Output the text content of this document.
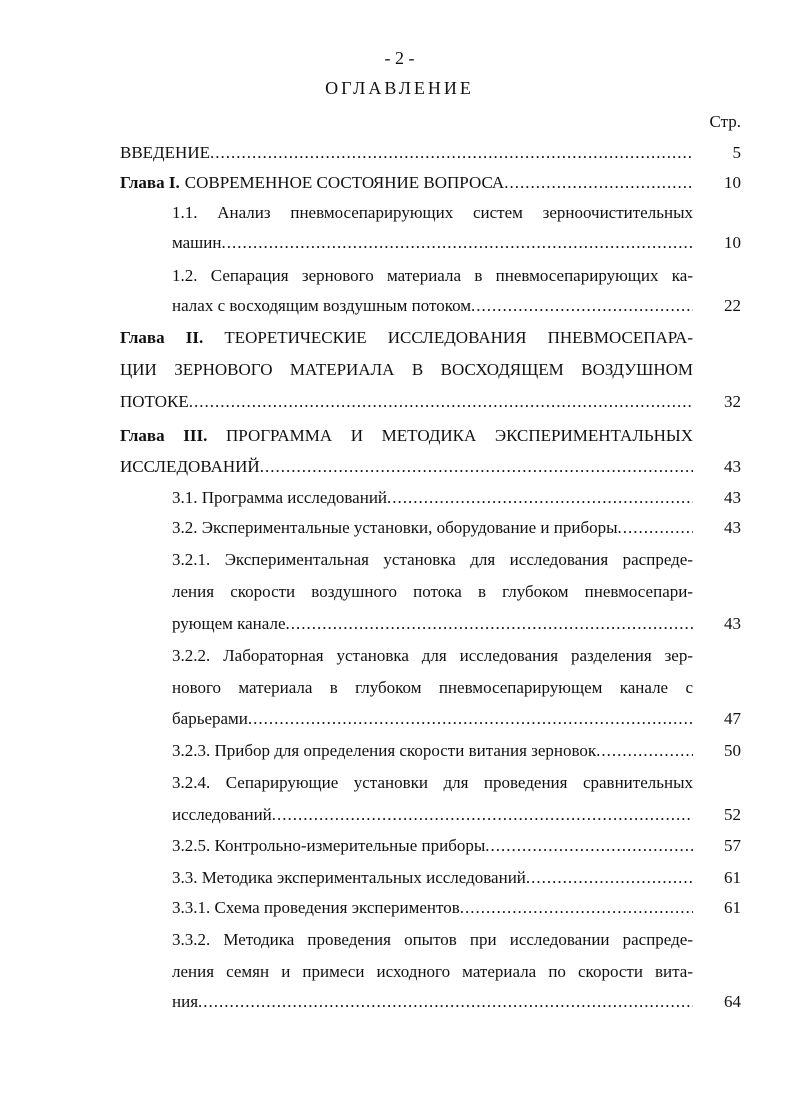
- 2 -
ОГЛАВЛЕНИЕ
Стр.
ВВЕДЕНИЕ .....	5
Глава I. СОВРЕМЕННОЕ СОСТОЯНИЕ ВОПРОСА .....	10
1.1. Анализ пневмосепарирующих систем зерноочистительных
машин .....	10
1.2. Сепарация зернового материала в пневмосепарирующих ка-
налах с восходящим воздушным потоком .....	22
Глава II. ТЕОРЕТИЧЕСКИЕ ИССЛЕДОВАНИЯ ПНЕВМОСЕПАРА-
ЦИИ ЗЕРНОВОГО МАТЕРИАЛА В ВОСХОДЯЩЕМ ВОЗДУШНОМ
ПОТОКЕ .....	32
Глава III. ПРОГРАММА И МЕТОДИКА ЭКСПЕРИМЕНТАЛЬНЫХ
ИССЛЕДОВАНИЙ .....	43
3.1. Программа исследований .....	43
3.2. Экспериментальные установки, оборудование и приборы .....	43
3.2.1. Экспериментальная установка для исследования распреде-
ления скорости воздушного потока в глубоком пневмосепари-
рующем канале .....	43
3.2.2. Лабораторная установка для исследования разделения зер-
нового материала в глубоком пневмосепарирующем канале с
барьерами .....	47
3.2.3. Прибор для определения скорости витания зерновок .....	50
3.2.4. Сепарирующие установки для проведения сравнительных
исследований .....	52
3.2.5. Контрольно-измерительные приборы .....	57
3.3. Методика экспериментальных исследований .....	61
3.3.1. Схема проведения экспериментов .....	61
3.3.2. Методика проведения опытов при исследовании распреде-
ления семян и примеси исходного материала по скорости вита-
ния .....	64
